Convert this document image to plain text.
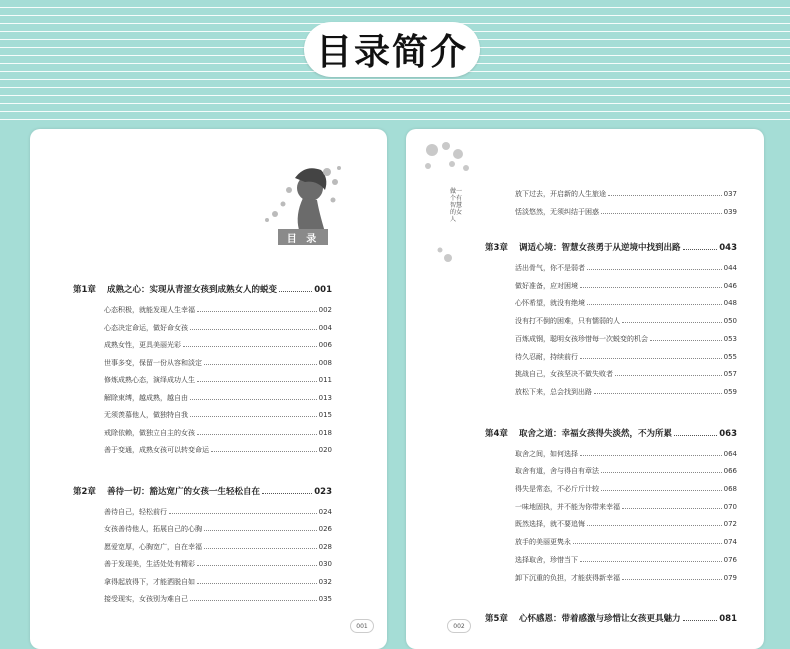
目录简介
目 录
做一个有智慧的女人
第1章	成熟之心：实现从青涩女孩到成熟女人的蜕变	001
心态积极，就能发现人生幸福	002
心态决定命运，做好命女孩	004
成熟女性，更具美丽光彩	006
世事多变，保留一份从容和淡定	008
修炼成熟心态，演绎成功人生	011
解除束缚，越成熟，越自由	013
无须羡慕他人，做独特自我	015
戒除依赖，做独立自主的女孩	018
善于变通，成熟女孩可以转变命运	020
第2章	善待一切：豁达宽广的女孩一生轻松自在	023
善待自己，轻松前行	024
女孩善待他人，拓展自己的心胸	026
愿爱宽厚，心胸宽广，自在幸福	028
善于发现美，生活处处有精彩	030
拿得起放得下，才能洒脱自如	032
接受现实，女孩别为难自己	035
放下过去，开启新的人生旅途	037
恬淡悠然，无须纠结于困惑	039
第3章	调适心境：智慧女孩勇于从逆境中找到出路	043
活出骨气，你不是弱者	044
做好准备，应对困境	046
心怀希望，就没有绝境	048
没有打不倒的困难，只有懦弱的人	050
百炼成钢，聪明女孩珍惜每一次蜕变的机会	053
待久忍耐，持续前行	055
挑战自己，女孩坚决不做失败者	057
放松下来，总会找到出路	059
第4章	取舍之道：幸福女孩得失淡然，不为所累	063
取舍之间，如何选择	064
取舍有道，舍与得自有章法	066
得失是常态，不必斤斤计较	068
一味地固执，并不能为你带来幸福	070
既然选择，就不要追悔	072
放手的美丽更隽永	074
选择取舍，珍惜当下	076
卸下沉重的负担，才能获得新幸福	079
第5章	心怀感恩：带着感激与珍惜让女孩更具魅力	081
001	002
